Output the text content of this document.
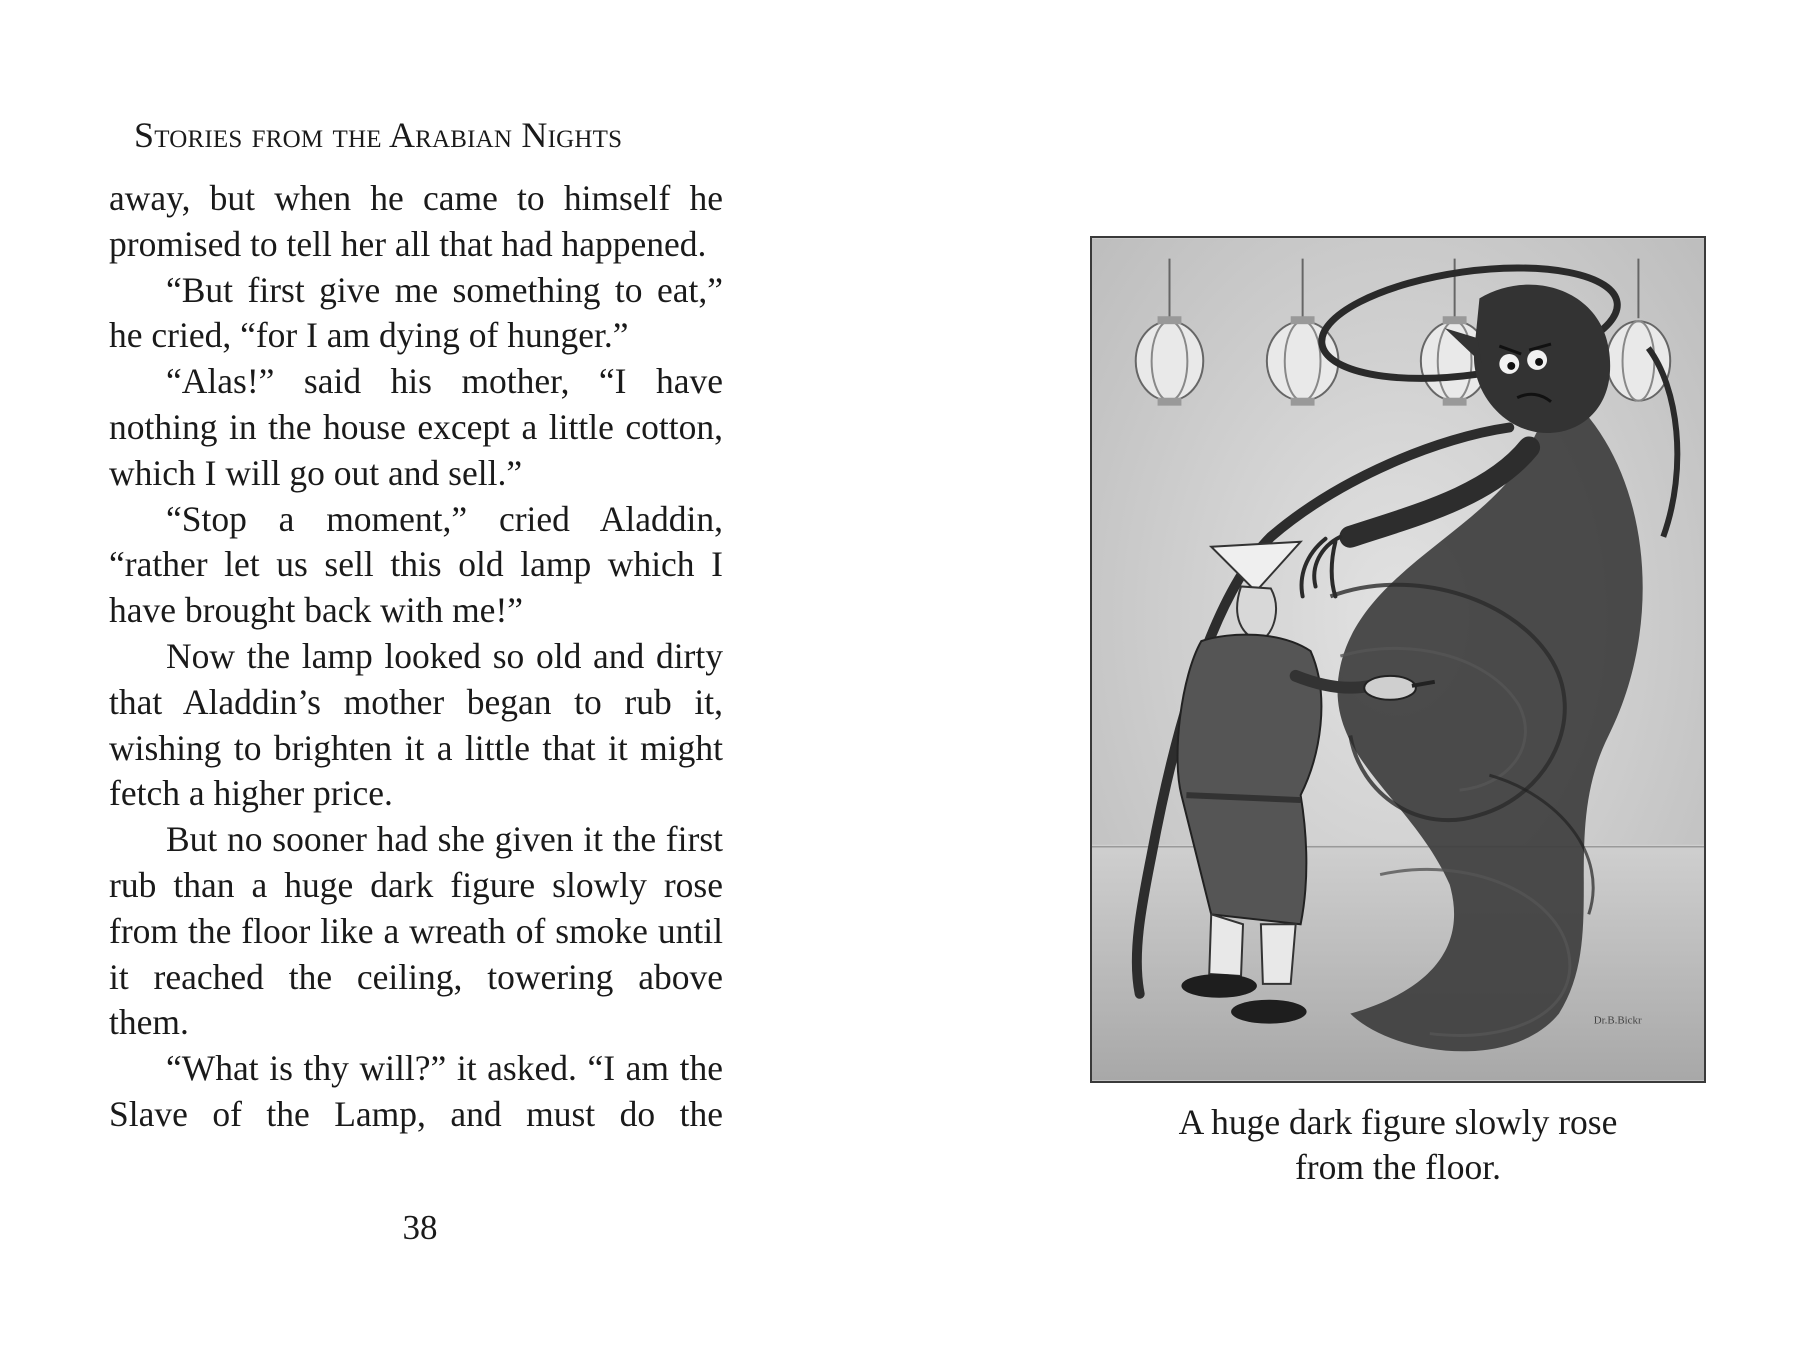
Stories from the Arabian Nights

away, but when he came to himself he promised to tell her all that had happened.

“But first give me something to eat,” he cried, “for I am dying of hunger.”

“Alas!” said his mother, “I have nothing in the house except a little cotton, which I will go out and sell.”

“Stop a moment,” cried Aladdin, “rather let us sell this old lamp which I have brought back with me!”

Now the lamp looked so old and dirty that Aladdin’s mother began to rub it, wishing to brighten it a little that it might fetch a higher price.

But no sooner had she given it the first rub than a huge dark figure slowly rose from the floor like a wreath of smoke until it reached the ceiling, towering above them.

“What is thy will?” it asked. “I am the Slave of the Lamp, and must do the

38
Dr.B.Bickr
A huge dark figure slowly rose
from the floor.
